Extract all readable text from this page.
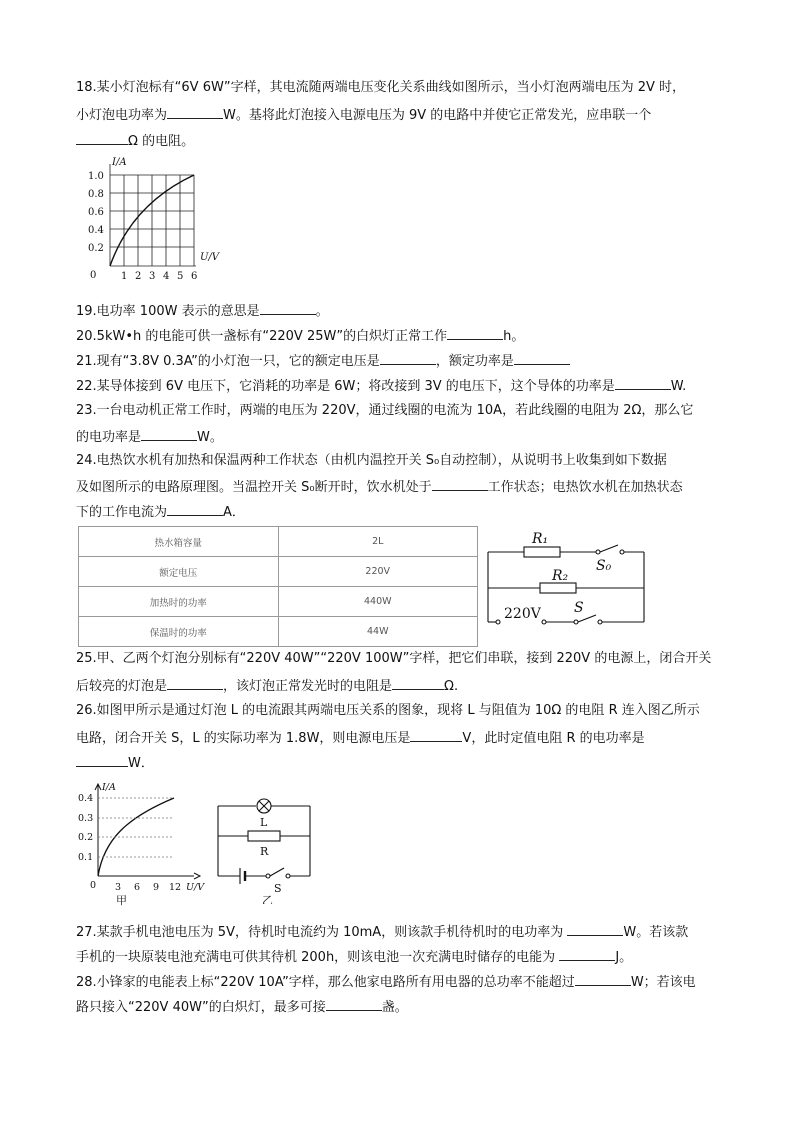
18.某小灯泡标有“6V 6W”字样，其电流随两端电压变化关系曲线如图所示，当小灯泡两端电压为 2V 时，
小灯泡电功率为	W。基将此灯泡接入电源电压为 9V 的电路中并使它正常发光，应串联一个
Ω 的电阻。
I/A
U/V
0
1.0
0.8
0.6
0.4
0.2
1 2 3 4 5 6
19.电功率 100W 表示的意思是	。
20.5kW•h 的电能可供一盏标有“220V 25W”的白炽灯正常工作	h。
21.现有“3.8V 0.3A”的小灯泡一只，它的额定电压是	，额定功率是
22.某导体接到 6V 电压下，它消耗的功率是 6W；将改接到 3V 的电压下，这个导体的功率是	W.
23.一台电动机正常工作时，两端的电压为 220V，通过线圈的电流为 10A，若此线圈的电阻为 2Ω，那么它
的电功率是	W。
24.电热饮水机有加热和保温两种工作状态（由机内温控开关 S₀自动控制），从说明书上收集到如下数据
及如图所示的电路原理图。当温控开关 S₀断开时，饮水机处于	工作状态；电热饮水机在加热状态
下的工作电流为	A．
热水箱容量	2L
额定电压	220V
加热时的功率	440W
保温时的功率	44W
R₁
R₂
S₀
220V S
25.甲、乙两个灯泡分别标有“220V 40W”“220V 100W”字样，把它们串联，接到 220V 的电源上，闭合开关
后较亮的灯泡是	，该灯泡正常发光时的电阻是	Ω.
26.如图甲所示是通过灯泡 L 的电流跟其两端电压关系的图象，现将 L 与阻值为 10Ω 的电阻 R 连入图乙所示
电路，闭合开关 S，L 的实际功率为 1.8W，则电源电压是	V，此时定值电阻 R 的电功率是
W．
I/A
U/V
0
0.4
0.3
0.2
0.1
3 6 9 12
甲
L
R
S
乙
27.某款手机电池电压为 5V，待机时电流约为 10mA，则该款手机待机时的电功率为	W。若该款
手机的一块原装电池充满电可供其待机 200h，则该电池一次充满电时储存的电能为	J。
28.小锋家的电能表上标“220V 10A”字样，那么他家电路所有用电器的总功率不能超过	W；若该电
路只接入“220V 40W”的白炽灯，最多可接	盏。
